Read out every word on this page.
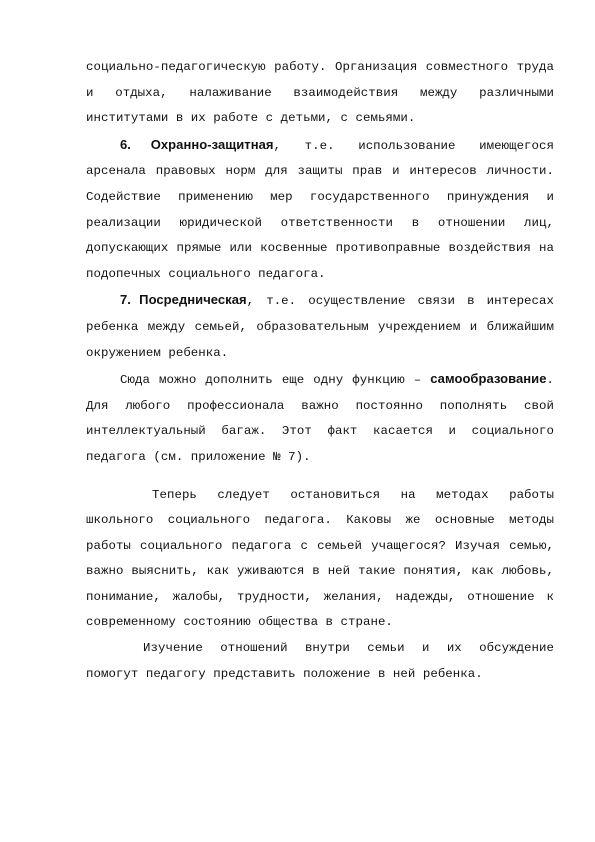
социально-педагогическую работу. Организация совместного труда и отдыха, налаживание взаимодействия между различными институтами в их работе с детьми, с семьями.

6. Охранно-защитная, т.е. использование имеющегося арсенала правовых норм для защиты прав и интересов личности. Содействие применению мер государственного принуждения и реализации юридической ответственности в отношении лиц, допускающих прямые или косвенные противоправные воздействия на подопечных социального педагога.

7. Посредническая, т.е. осуществление связи в интересах ребенка между семьей, образовательным учреждением и ближайшим окружением ребенка.

Сюда можно дополнить еще одну функцию – самообразование. Для любого профессионала важно постоянно пополнять свой интеллектуальный багаж. Этот факт касается и социального педагога (см. приложение № 7).

Теперь следует остановиться на методах работы школьного социального педагога. Каковы же основные методы работы социального педагога с семьей учащегося? Изучая семью, важно выяснить, как уживаются в ней такие понятия, как любовь, понимание, жалобы, трудности, желания, надежды, отношение к современному состоянию общества в стране.

Изучение отношений внутри семьи и их обсуждение помогут педагогу представить положение в ней ребенка.
